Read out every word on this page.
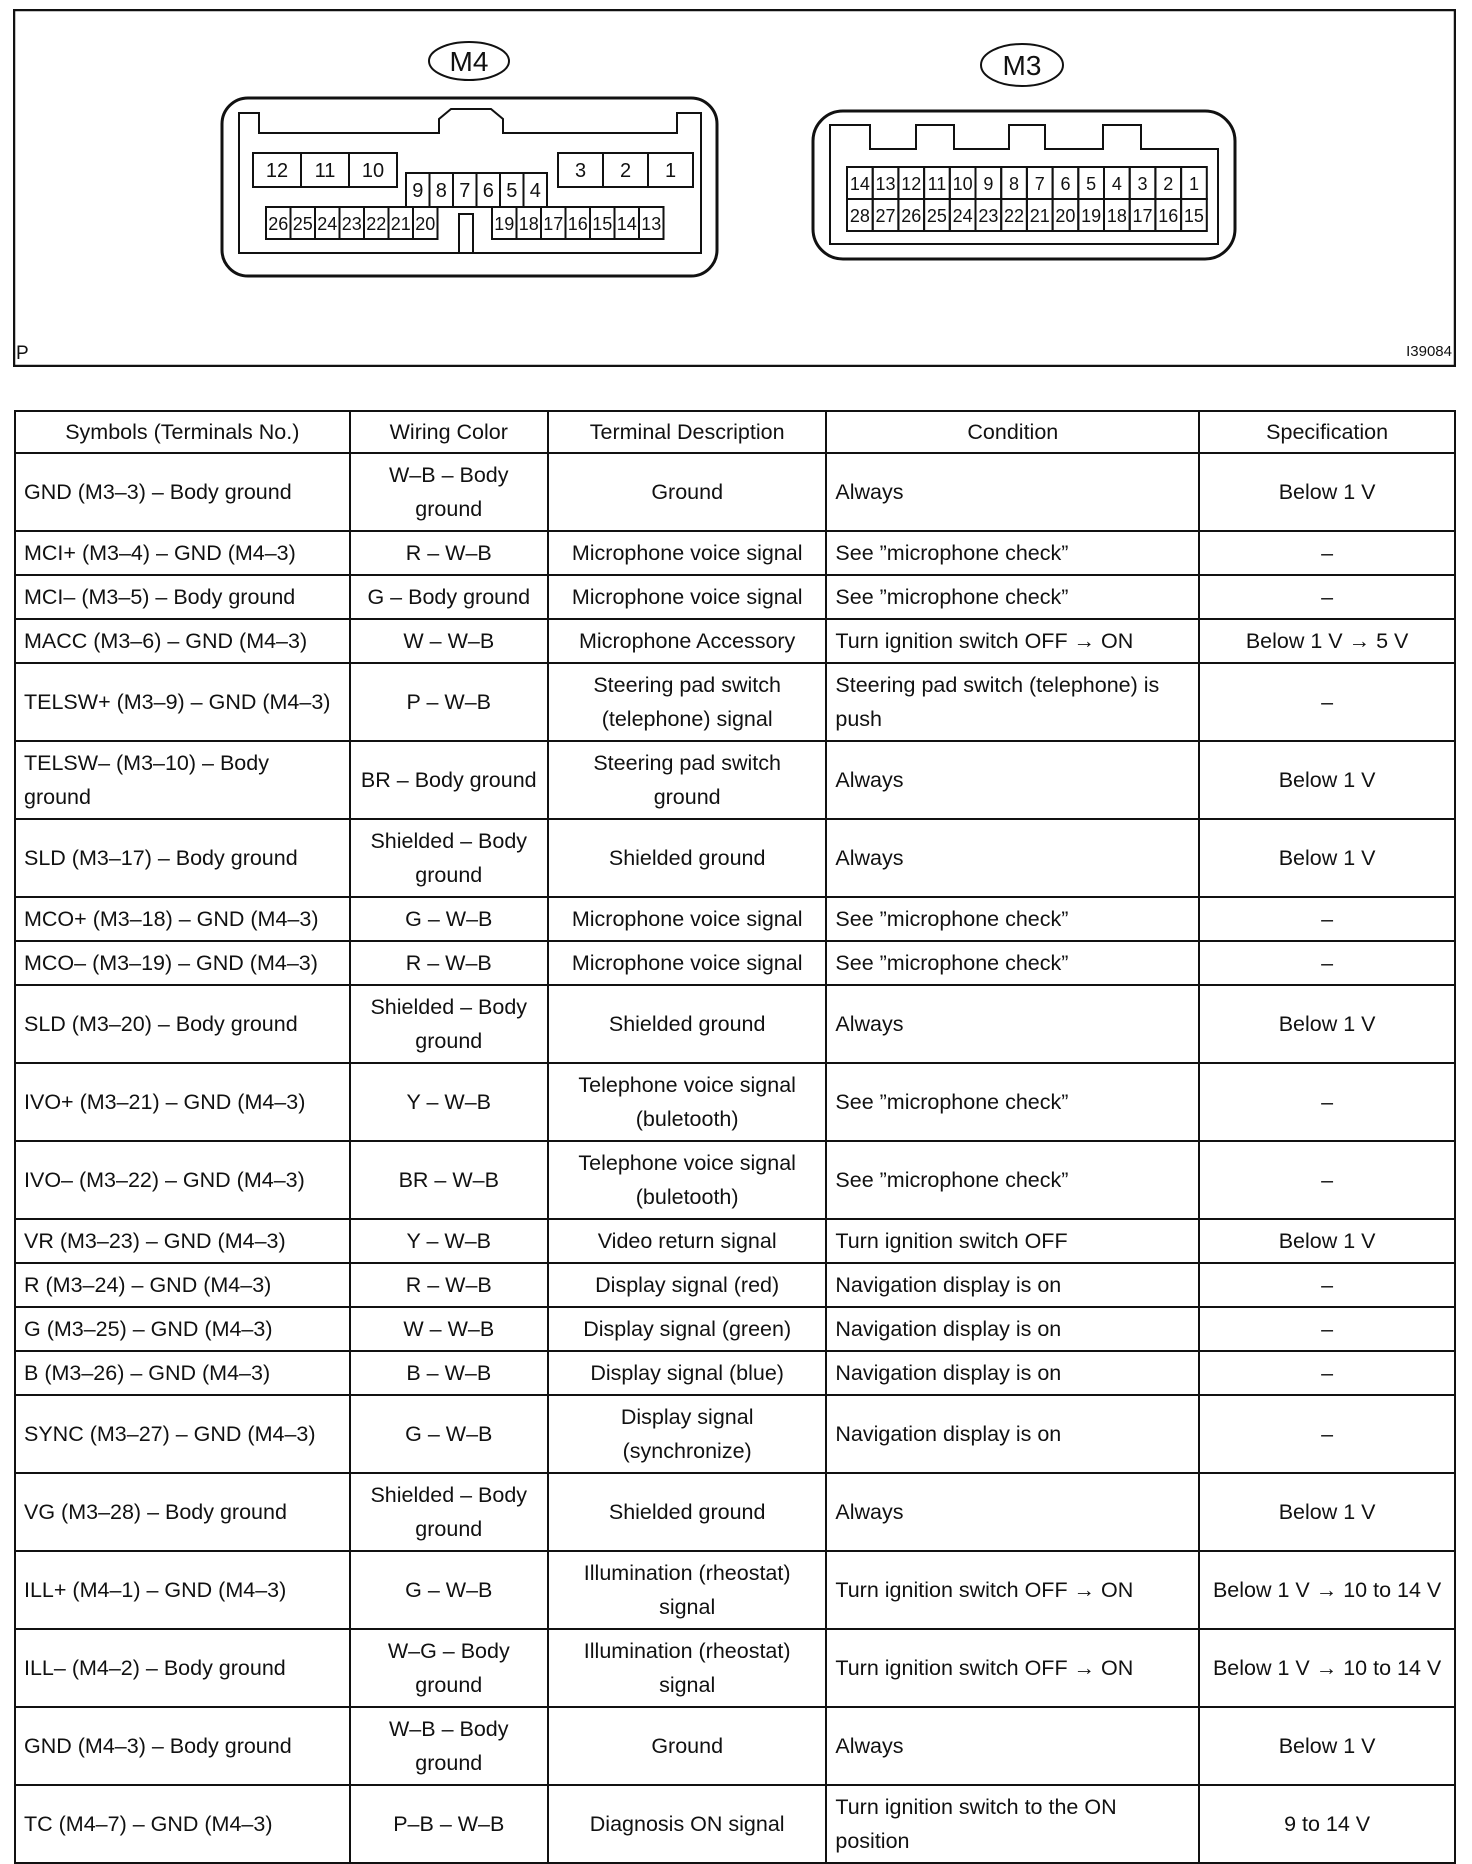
M4
12 11 10
9 8 7 6 5 4
3 2 1
26 25 24 23 22 21 20	19 18 17 16 15 14 13
M3
14 13 12 11 10 9 8 7 6 5 4 3 2 1
28 27 26 25 24 23 22 21 20 19 18 17 16 15
P	I39084
Symbols (Terminals No.)	Wiring Color	Terminal Description	Condition	Specification
GND (M3–3) – Body ground	W–B – Body ground	Ground	Always	Below 1 V
MCI+ (M3–4) – GND (M4–3)	R – W–B	Microphone voice signal	See ”microphone check”	–
MCI– (M3–5) – Body ground	G – Body ground	Microphone voice signal	See ”microphone check”	–
MACC (M3–6) – GND (M4–3)	W – W–B	Microphone Accessory	Turn ignition switch OFF → ON	Below 1 V → 5 V
TELSW+ (M3–9) – GND (M4–3)	P – W–B	Steering pad switch (telephone) signal	Steering pad switch (telephone) is push	–
TELSW– (M3–10) – Body ground	BR – Body ground	Steering pad switch ground	Always	Below 1 V
SLD (M3–17) – Body ground	Shielded – Body ground	Shielded ground	Always	Below 1 V
MCO+ (M3–18) – GND (M4–3)	G – W–B	Microphone voice signal	See ”microphone check”	–
MCO– (M3–19) – GND (M4–3)	R – W–B	Microphone voice signal	See ”microphone check”	–
SLD (M3–20) – Body ground	Shielded – Body ground	Shielded ground	Always	Below 1 V
IVO+ (M3–21) – GND (M4–3)	Y – W–B	Telephone voice signal (buletooth)	See ”microphone check”	–
IVO– (M3–22) – GND (M4–3)	BR – W–B	Telephone voice signal (buletooth)	See ”microphone check”	–
VR (M3–23) – GND (M4–3)	Y – W–B	Video return signal	Turn ignition switch OFF	Below 1 V
R (M3–24) – GND (M4–3)	R – W–B	Display signal (red)	Navigation display is on	–
G (M3–25) – GND (M4–3)	W – W–B	Display signal (green)	Navigation display is on	–
B (M3–26) – GND (M4–3)	B – W–B	Display signal (blue)	Navigation display is on	–
SYNC (M3–27) – GND (M4–3)	G – W–B	Display signal (synchronize)	Navigation display is on	–
VG (M3–28) – Body ground	Shielded – Body ground	Shielded ground	Always	Below 1 V
ILL+ (M4–1) – GND (M4–3)	G – W–B	Illumination (rheostat) signal	Turn ignition switch OFF → ON	Below 1 V → 10 to 14 V
ILL– (M4–2) – Body ground	W–G – Body ground	Illumination (rheostat) signal	Turn ignition switch OFF → ON	Below 1 V → 10 to 14 V
GND (M4–3) – Body ground	W–B – Body ground	Ground	Always	Below 1 V
TC (M4–7) – GND (M4–3)	P–B – W–B	Diagnosis ON signal	Turn ignition switch to the ON position	9 to 14 V
